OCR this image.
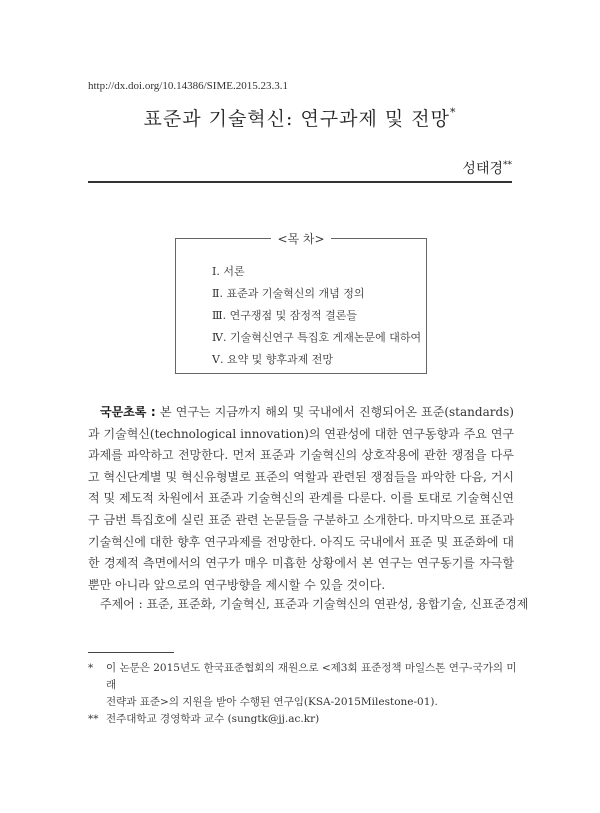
http://dx.doi.org/10.14386/SIME.2015.23.3.1
표준과 기술혁신: 연구과제 및 전망*
성태경**
<목 차>
Ⅰ. 서론
Ⅱ. 표준과 기술혁신의 개념 정의
Ⅲ. 연구쟁점 및 잠정적 결론들
Ⅳ. 기술혁신연구 특집호 게재논문에 대하여
Ⅴ. 요약 및 향후과제 전망
국문초록 : 본 연구는 지금까지 해외 및 국내에서 진행되어온 표준(standards)과 기술혁신(technological innovation)의 연관성에 대한 연구동향과 주요 연구과제를 파악하고 전망한다. 먼저 표준과 기술혁신의 상호작용에 관한 쟁점을 다루고 혁신단계별 및 혁신유형별로 표준의 역할과 관련된 쟁점들을 파악한 다음, 거시적 및 제도적 차원에서 표준과 기술혁신의 관계를 다룬다. 이를 토대로 기술혁신연구 금번 특집호에 실린 표준 관련 논문들을 구분하고 소개한다. 마지막으로 표준과 기술혁신에 대한 향후 연구과제를 전망한다. 아직도 국내에서 표준 및 표준화에 대한 경제적 측면에서의 연구가 매우 미흡한 상황에서 본 연구는 연구동기를 자극할 뿐만 아니라 앞으로의 연구방향을 제시할 수 있을 것이다.
주제어 : 표준, 표준화, 기술혁신, 표준과 기술혁신의 연관성, 융합기술, 신표준경제
* 이 논문은 2015년도 한국표준협회의 재원으로 <제3회 표준정책 마일스톤 연구-국가의 미래
전략과 표준>의 지원을 받아 수행된 연구임(KSA-2015Milestone-01).
** 전주대학교 경영학과 교수 (sungtk@jj.ac.kr)
